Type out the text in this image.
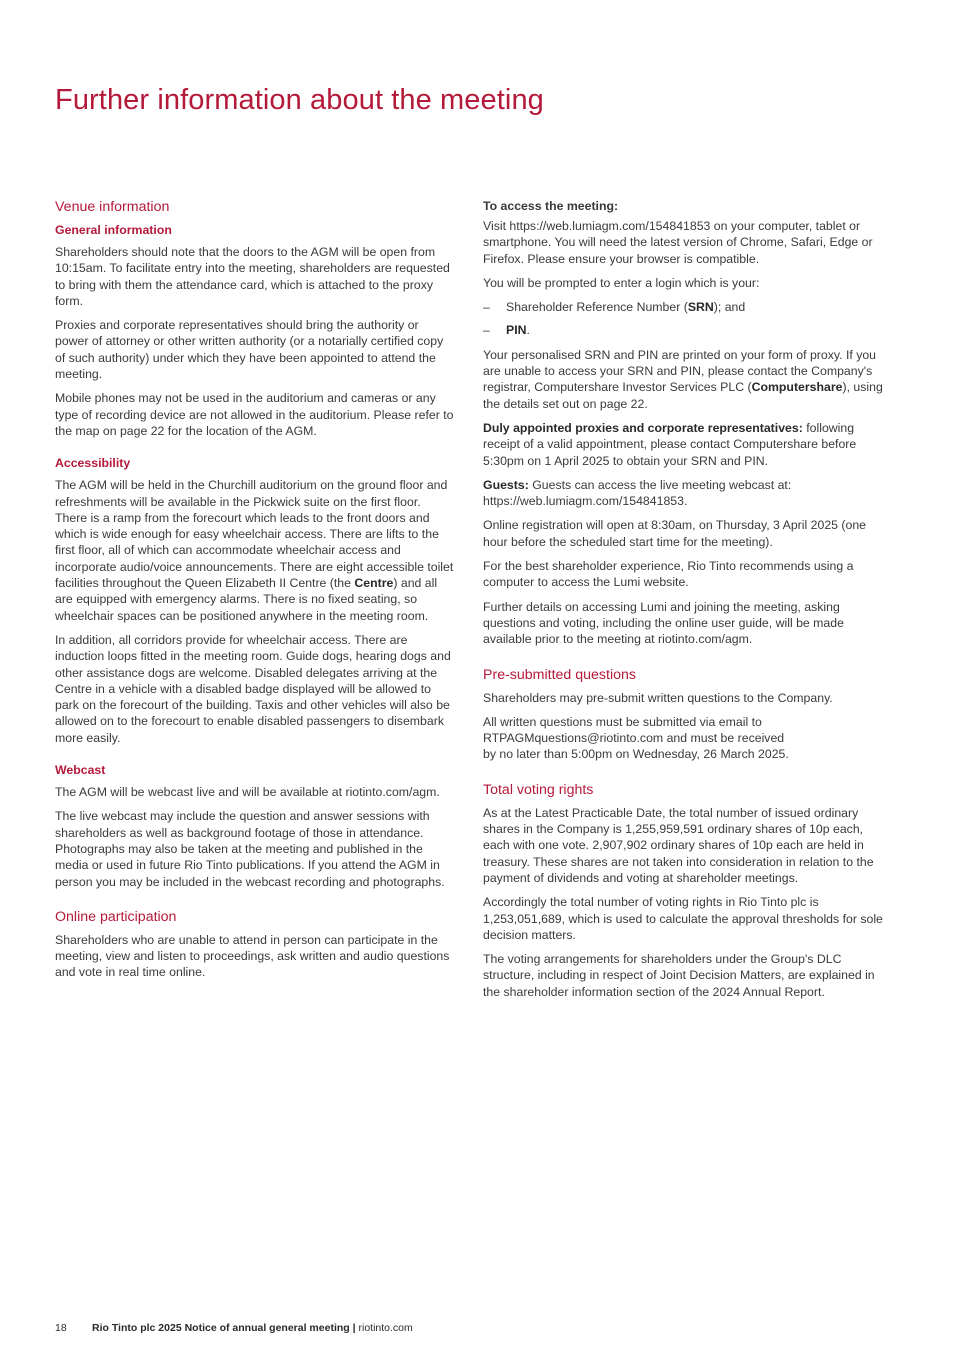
Further information about the meeting
Venue information
General information

Shareholders should note that the doors to the AGM will be open from 10:15am. To facilitate entry into the meeting, shareholders are requested to bring with them the attendance card, which is attached to the proxy form.

Proxies and corporate representatives should bring the authority or power of attorney or other written authority (or a notarially certified copy of such authority) under which they have been appointed to attend the meeting.

Mobile phones may not be used in the auditorium and cameras or any type of recording device are not allowed in the auditorium. Please refer to the map on page 22 for the location of the AGM.

Accessibility

The AGM will be held in the Churchill auditorium on the ground floor and refreshments will be available in the Pickwick suite on the first floor. There is a ramp from the forecourt which leads to the front doors and which is wide enough for easy wheelchair access. There are lifts to the first floor, all of which can accommodate wheelchair access and incorporate audio/voice announcements. There are eight accessible toilet facilities throughout the Queen Elizabeth II Centre (the Centre) and all are equipped with emergency alarms. There is no fixed seating, so wheelchair spaces can be positioned anywhere in the meeting room.

In addition, all corridors provide for wheelchair access. There are induction loops fitted in the meeting room. Guide dogs, hearing dogs and other assistance dogs are welcome. Disabled delegates arriving at the Centre in a vehicle with a disabled badge displayed will be allowed to park on the forecourt of the building. Taxis and other vehicles will also be allowed on to the forecourt to enable disabled passengers to disembark more easily.

Webcast

The AGM will be webcast live and will be available at riotinto.com/agm.

The live webcast may include the question and answer sessions with shareholders as well as background footage of those in attendance. Photographs may also be taken at the meeting and published in the media or used in future Rio Tinto publications. If you attend the AGM in person you may be included in the webcast recording and photographs.

Online participation

Shareholders who are unable to attend in person can participate in the meeting, view and listen to proceedings, ask written and audio questions and vote in real time online.

To access the meeting:

Visit https://web.lumiagm.com/154841853 on your computer, tablet or smartphone. You will need the latest version of Chrome, Safari, Edge or Firefox. Please ensure your browser is compatible.

You will be prompted to enter a login which is your:

– Shareholder Reference Number (SRN); and
– PIN.

Your personalised SRN and PIN are printed on your form of proxy. If you are unable to access your SRN and PIN, please contact the Company's registrar, Computershare Investor Services PLC (Computershare), using the details set out on page 22.

Duly appointed proxies and corporate representatives: following receipt of a valid appointment, please contact Computershare before 5:30pm on 1 April 2025 to obtain your SRN and PIN.

Guests: Guests can access the live meeting webcast at: https://web.lumiagm.com/154841853.

Online registration will open at 8:30am, on Thursday, 3 April 2025 (one hour before the scheduled start time for the meeting).

For the best shareholder experience, Rio Tinto recommends using a computer to access the Lumi website.

Further details on accessing Lumi and joining the meeting, asking questions and voting, including the online user guide, will be made available prior to the meeting at riotinto.com/agm.

Pre-submitted questions

Shareholders may pre-submit written questions to the Company.

All written questions must be submitted via email to
RTPAGMquestions@riotinto.com and must be received
by no later than 5:00pm on Wednesday, 26 March 2025.

Total voting rights

As at the Latest Practicable Date, the total number of issued ordinary shares in the Company is 1,255,959,591 ordinary shares of 10p each, each with one vote. 2,907,902 ordinary shares of 10p each are held in treasury. These shares are not taken into consideration in relation to the payment of dividends and voting at shareholder meetings.

Accordingly the total number of voting rights in Rio Tinto plc is 1,253,051,689, which is used to calculate the approval thresholds for sole decision matters.

The voting arrangements for shareholders under the Group's DLC structure, including in respect of Joint Decision Matters, are explained in the shareholder information section of the 2024 Annual Report.

18 Rio Tinto plc 2025 Notice of annual general meeting | riotinto.com
